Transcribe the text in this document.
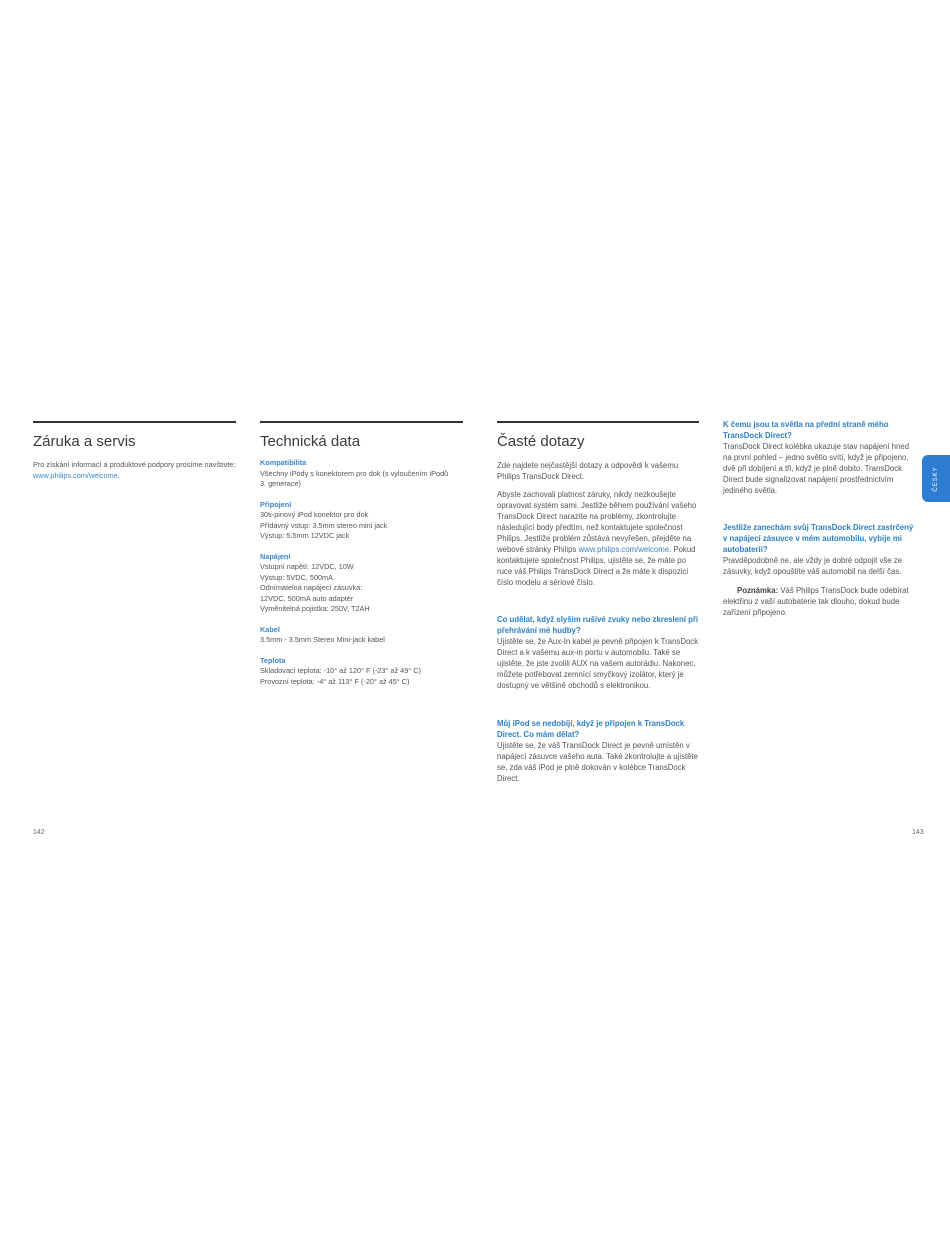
Záruka a servis
Pro získání informací a produktové podpory prosíme navštivte: www.philips.com/welcome.
Technická data
Kompatibilita
Všechny iPody s konektorem pro dok (s vyloučením iPodů
3. generace)
Připojení
30ti-pinový iPod konektor pro dok
Přídavný vstup: 3.5mm stereo mini jack
Výstup: 5.5mm 12VDC jack
Napájení
Vstupní napětí: 12VDC, 10W
Výstup: 5VDC, 500mA
Odnímatelná napájecí zásuvka:
12VDC, 500mA auto adaptér
Vyměnitelná pojistka: 250V, T2AH
Kabel
3.5mm - 3.5mm Stereo Mini-jack kabel
Teplota
Skladovací teplota: -10° až 120° F (-23° až 49° C)
Provozní teplota: -4° až 113° F (-20° až 45° C)
Časté dotazy
Zde najdete nejčastější dotazy a odpovědi k vašemu Philips TransDock Direct.
Abyste zachovali platnost záruky, nikdy nezkoušejte opravovat systém sami. Jestliže během používání vašeho TransDock Direct narazíte na problémy, zkontrolujte následující body předtím, než kontaktujete společnost Philips. Jestliže problém zůstává nevyřešen, přejděte na webové stránky Philips www.philips.com/welcome. Pokud kontaktujete společnost Philips, ujistěte se, že máte po ruce váš Philips TransDock Direct a že máte k dispozici číslo modelu a sériové číslo.
Co udělat, když slyším rušivé zvuky nebo zkreslení při přehrávání mé hudby?
Ujistěte se, že Aux-In kabel je pevně připojen k TransDock Direct a k vašemu aux-in portu v automobilu. Také se ujistěte, že jste zvolili AUX na vašem autorádiu. Nakonec, můžete potřebovat zemnící smyčkový izolátor, který je dostupný ve většině obchodů s elektronikou.
Můj iPod se nedobíjí, když je připojen k TransDock Direct. Co mám dělat?
Ujistěte se, že váš TransDock Direct je pevně umístěn v napájecí zásuvce vašeho auta. Také zkontrolujte a ujistěte se, zda váš iPod je plně dokován v kolébce TransDock Direct.
K čemu jsou ta světla na přední straně mého TransDock Direct?
TransDock Direct kolébka ukazuje stav napájení hned na první pohled – jedno světlo svítí, když je připojeno, dvě při dobíjení a tři, když je plně dobito. TransDock Direct bude signalizovat napájení prostřednictvím jediného světla.
Jestliže zanechám svůj TransDock Direct zastrčený v napájecí zásuvce v mém automobilu, vybije mi autobaterii?
Pravděpodobně ne, ale vždy je dobré odpojit vše ze zásuvky, když opouštíte váš automobil na delší čas.
Poznámka: Váš Philips TransDock bude odebírat elektřinu z vaší autobaterie tak dlouho, dokud bude zařízení připojeno.
ČESKY
142	143
